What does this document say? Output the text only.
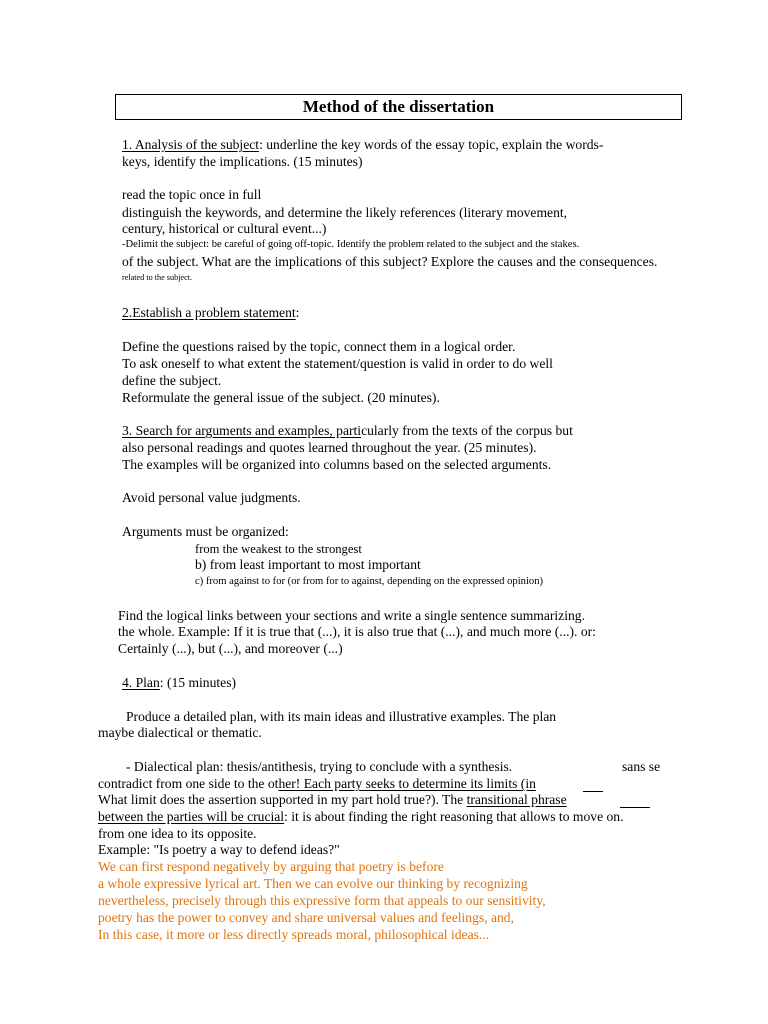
Method of the dissertation
1. Analysis of the subject: underline the key words of the essay topic, explain the words-
keys, identify the implications. (15 minutes)
read the topic once in full
distinguish the keywords, and determine the likely references (literary movement,
century, historical or cultural event...)
-Delimit the subject: be careful of going off-topic. Identify the problem related to the subject and the stakes.
of the subject. What are the implications of this subject? Explore the causes and the consequences.
related to the subject.
2.Establish a problem statement:
Define the questions raised by the topic, connect them in a logical order.
To ask oneself to what extent the statement/question is valid in order to do well
define the subject.
Reformulate the general issue of the subject. (20 minutes).
3. Search for arguments and examples, particularly from the texts of the corpus but
also personal readings and quotes learned throughout the year. (25 minutes).
The examples will be organized into columns based on the selected arguments.
Avoid personal value judgments.
Arguments must be organized:
from the weakest to the strongest
b) from least important to most important
c) from against to for (or from for to against, depending on the expressed opinion)
Find the logical links between your sections and write a single sentence summarizing.
the whole. Example: If it is true that (...), it is also true that (...), and much more (...). or:
Certainly (...), but (...), and moreover (...)
4. Plan: (15 minutes)
Produce a detailed plan, with its main ideas and illustrative examples. The plan
maybe dialectical or thematic.
- Dialectical plan: thesis/antithesis, trying to conclude with a synthesis.	sans se
contradict from one side to the other! Each party seeks to determine its limits (in
What limit does the assertion supported in my part hold true?). The transitional phrase
between the parties will be crucial: it is about finding the right reasoning that allows to move on.
from one idea to its opposite.
Example: "Is poetry a way to defend ideas?"
We can first respond negatively by arguing that poetry is before
a whole expressive lyrical art. Then we can evolve our thinking by recognizing
nevertheless, precisely through this expressive form that appeals to our sensitivity,
poetry has the power to convey and share universal values and feelings, and,
In this case, it more or less directly spreads moral, philosophical ideas...
